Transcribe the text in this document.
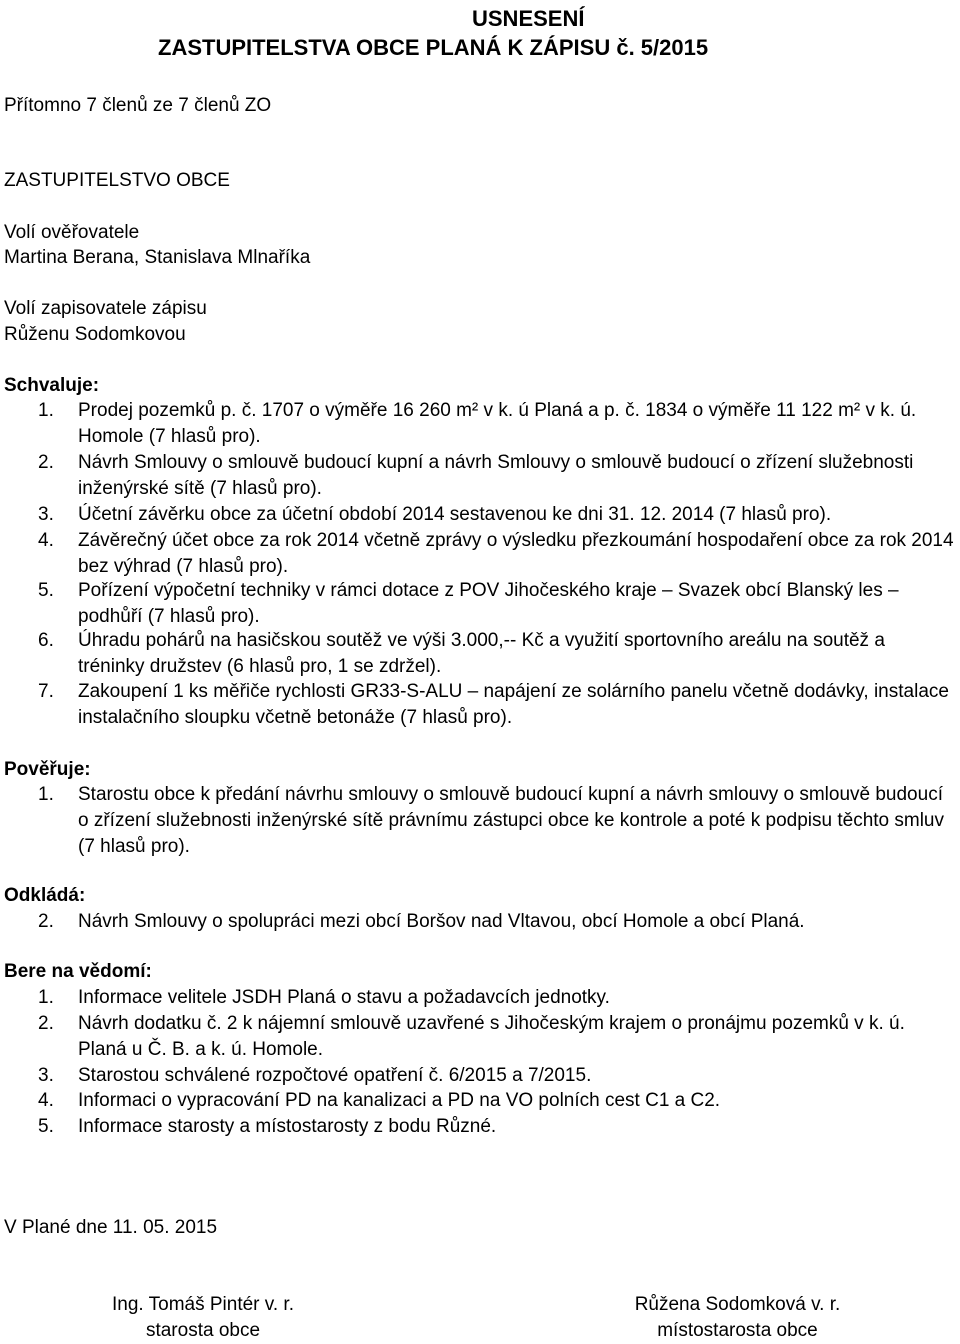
USNESENÍ
ZASTUPITELSTVA OBCE PLANÁ K ZÁPISU č. 5/2015
Přítomno 7 členů ze 7 členů ZO
ZASTUPITELSTVO OBCE
Volí ověřovatele
Martina Berana, Stanislava Mlnaříka
Volí zapisovatele zápisu
Růženu Sodomkovou
Schvaluje:
1. Prodej pozemků p. č. 1707 o výměře 16 260 m² v k. ú Planá a p. č. 1834 o výměře 11 122 m² v k. ú. Homole (7 hlasů pro).
2. Návrh Smlouvy o smlouvě budoucí kupní a návrh Smlouvy o smlouvě budoucí o zřízení služebnosti inženýrské sítě (7 hlasů pro).
3. Účetní závěrku obce za účetní období 2014 sestavenou ke dni 31. 12. 2014 (7 hlasů pro).
4. Závěrečný účet obce za rok 2014 včetně zprávy o výsledku přezkoumání hospodaření obce za rok 2014 bez výhrad (7 hlasů pro).
5. Pořízení výpočetní techniky v rámci dotace z POV Jihočeského kraje – Svazek obcí Blanský les – podhůří (7 hlasů pro).
6. Úhradu pohárů na hasičskou soutěž ve výši 3.000,-- Kč a využití sportovního areálu na soutěž a tréninky družstev (6 hlasů pro, 1 se zdržel).
7. Zakoupení 1 ks měřiče rychlosti GR33-S-ALU – napájení ze solárního panelu včetně dodávky, instalace instalačního sloupku včetně betonáže (7 hlasů pro).
Pověřuje:
1. Starostu obce k předání návrhu smlouvy o smlouvě budoucí kupní a návrh smlouvy o smlouvě budoucí o zřízení služebnosti inženýrské sítě právnímu zástupci obce ke kontrole a poté k podpisu těchto smluv (7 hlasů pro).
Odkládá:
2. Návrh Smlouvy o spolupráci mezi obcí Boršov nad Vltavou, obcí Homole a obcí Planá.
Bere na vědomí:
1. Informace velitele JSDH Planá o stavu a požadavcích jednotky.
2. Návrh dodatku č. 2 k nájemní smlouvě uzavřené s Jihočeským krajem o pronájmu pozemků v k. ú. Planá u Č. B. a k. ú. Homole.
3. Starostou schválené rozpočtové opatření č. 6/2015 a 7/2015.
4. Informaci o vypracování PD na kanalizaci a PD na VO polních cest C1 a C2.
5. Informace starosty a místostarosty z bodu Různé.
V Plané dne 11. 05. 2015
Ing. Tomáš Pintér v. r.
starosta obce
Růžena Sodomková v. r.
místostarosta obce
